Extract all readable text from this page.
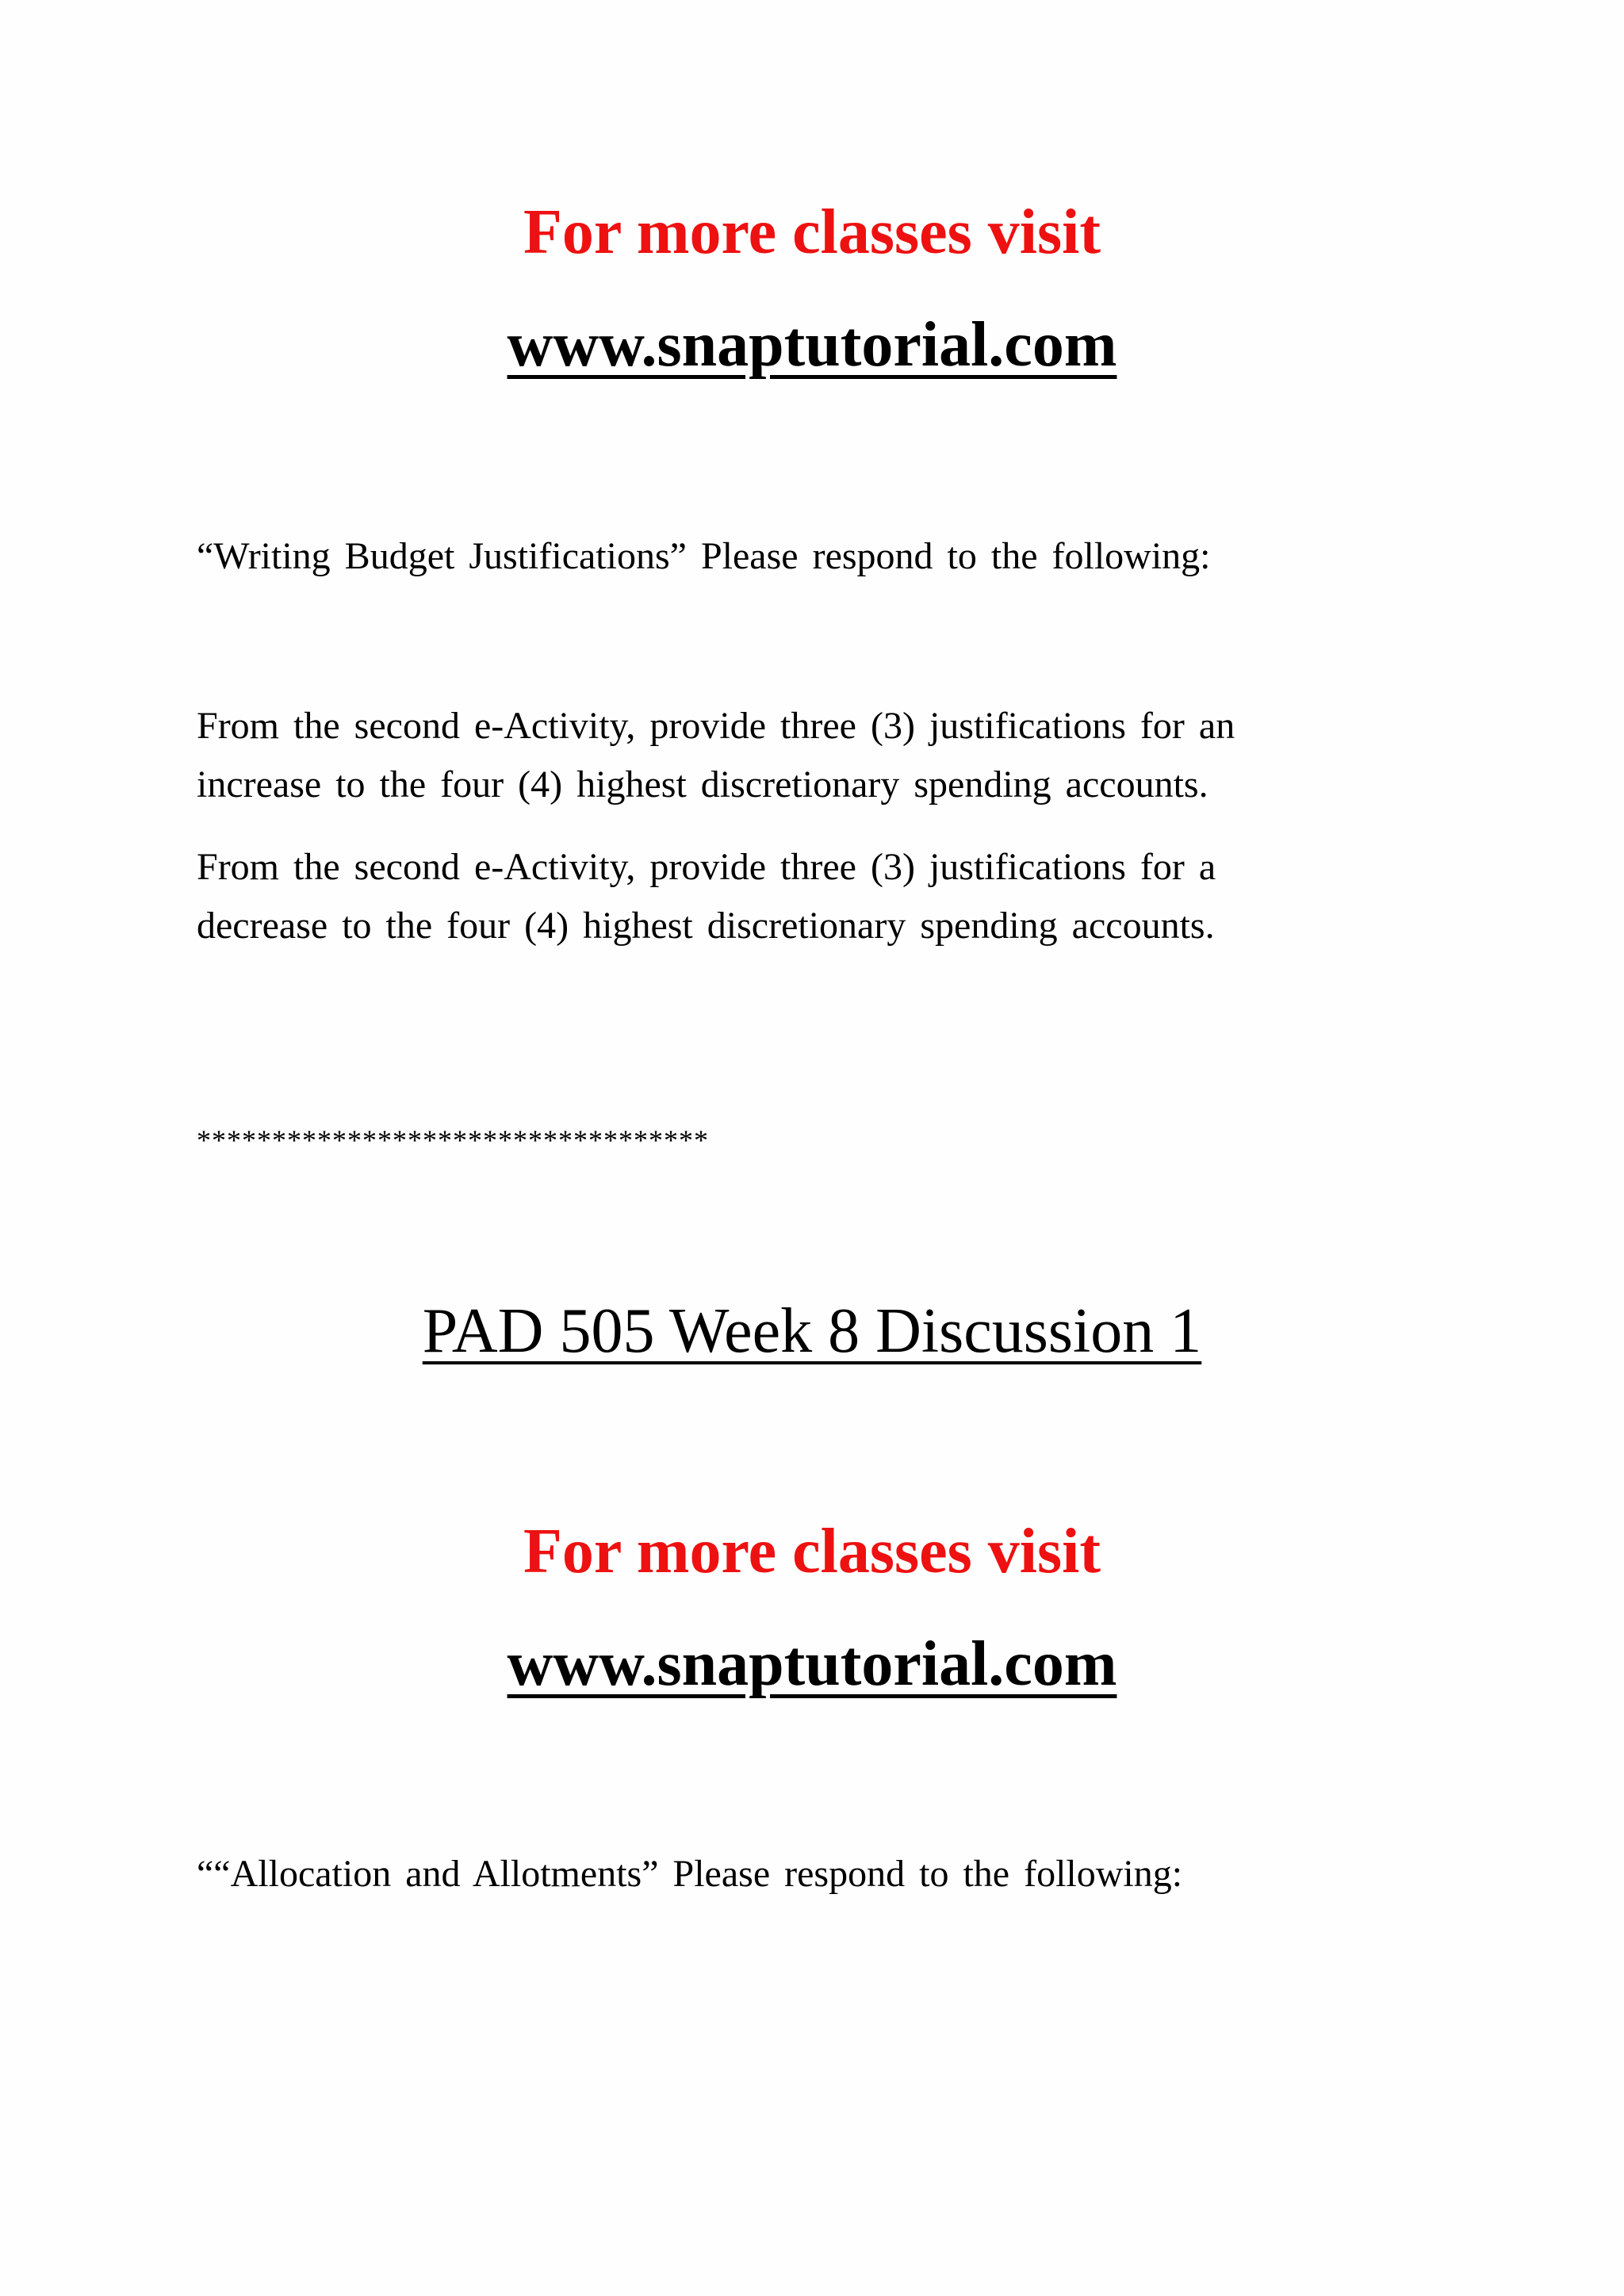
For more classes visit
www.snaptutorial.com
“Writing Budget Justifications” Please respond to the following:
From the second e-Activity, provide three (3) justifications for an
increase to the four (4) highest discretionary spending accounts.
From the second e-Activity, provide three (3) justifications for a
decrease to the four (4) highest discretionary spending accounts.
**********************************
PAD 505 Week 8 Discussion 1
For more classes visit
www.snaptutorial.com
““Allocation and Allotments” Please respond to the following:
